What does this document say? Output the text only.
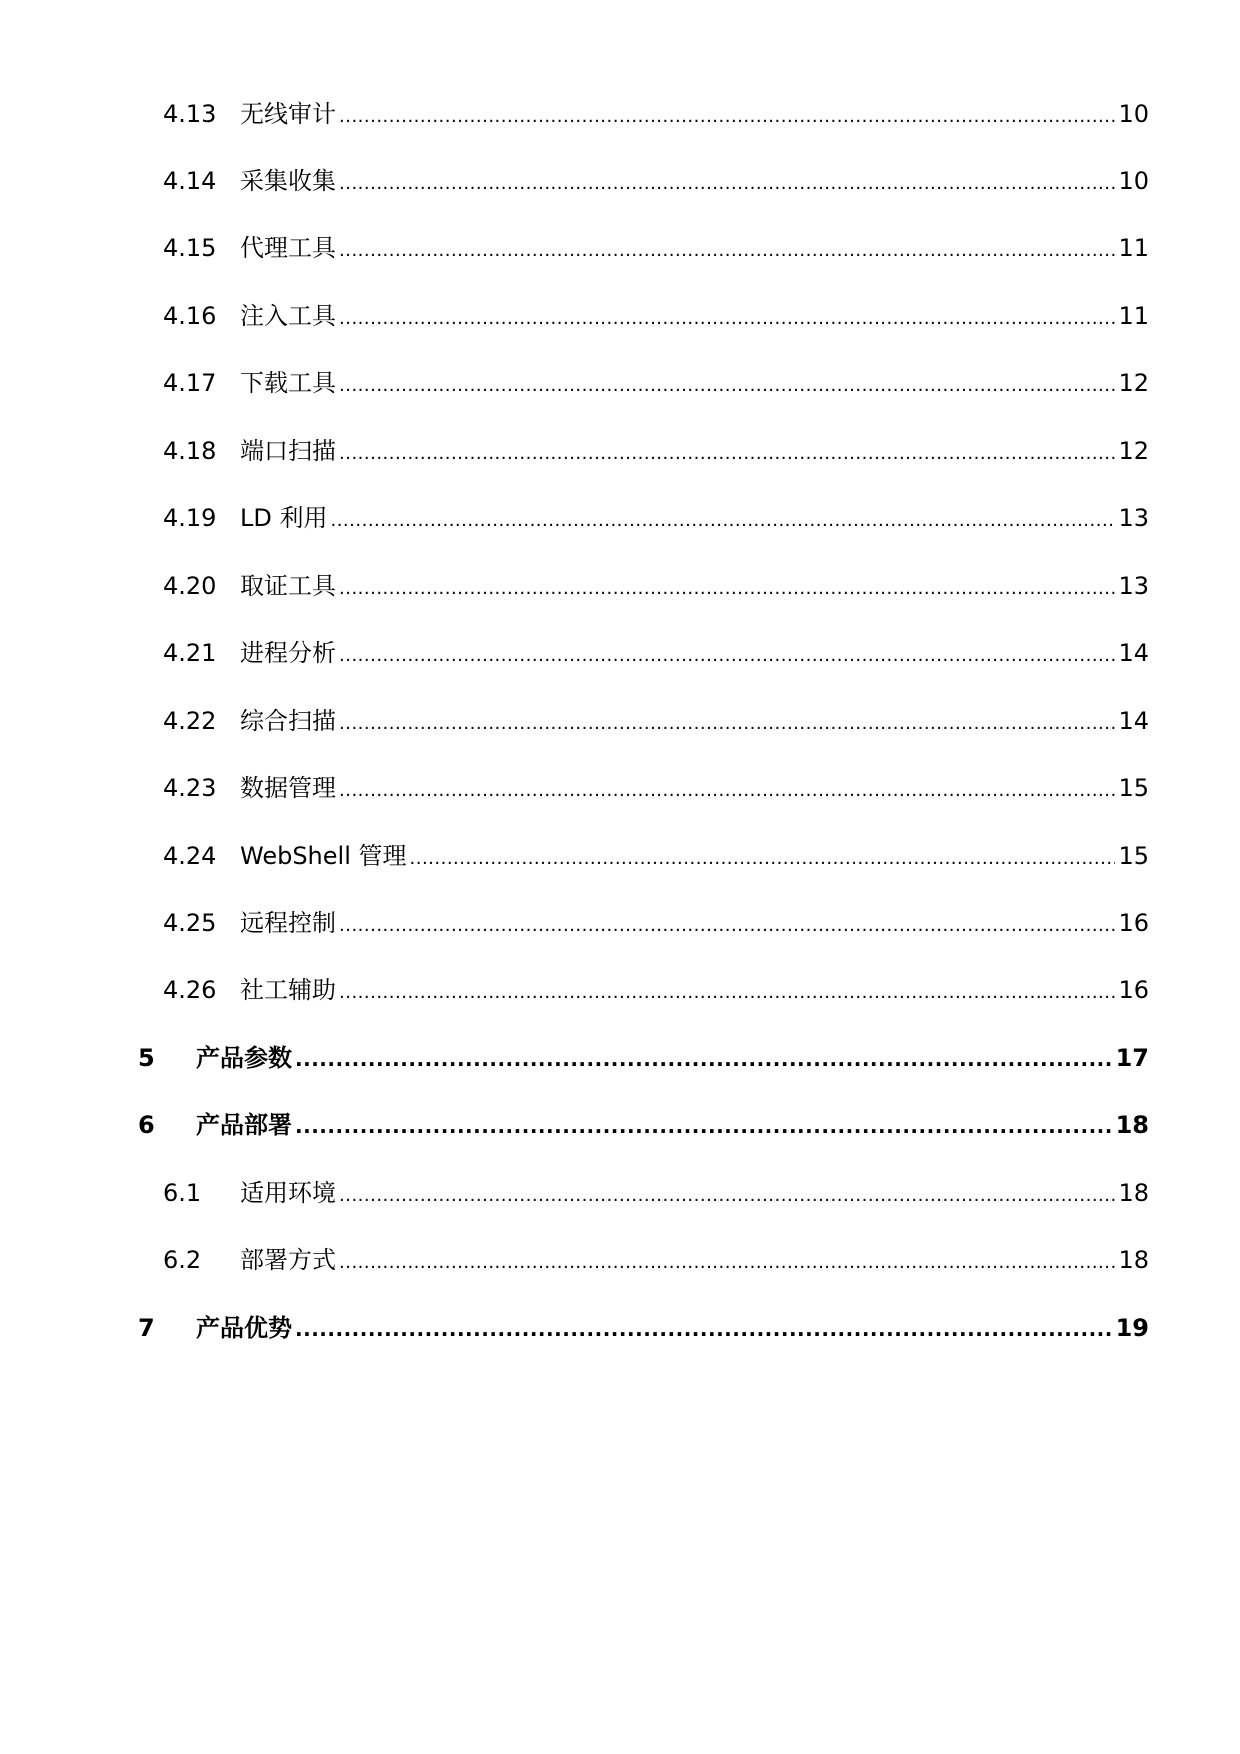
4.13 无线审计 .....	10
4.14 采集收集 .....	10
4.15 代理工具 .....	11
4.16 注入工具 .....	11
4.17 下载工具 .....	12
4.18 端口扫描 .....	12
4.19 LD 利用 .....	13
4.20 取证工具 .....	13
4.21 进程分析 .....	14
4.22 综合扫描 .....	14
4.23 数据管理 .....	15
4.24 WebShell 管理 .....	15
4.25 远程控制 .....	16
4.26 社工辅助 .....	16
5 产品参数 .....	17
6 产品部署 .....	18
6.1 适用环境 .....	18
6.2 部署方式 .....	18
7 产品优势 .....	19
